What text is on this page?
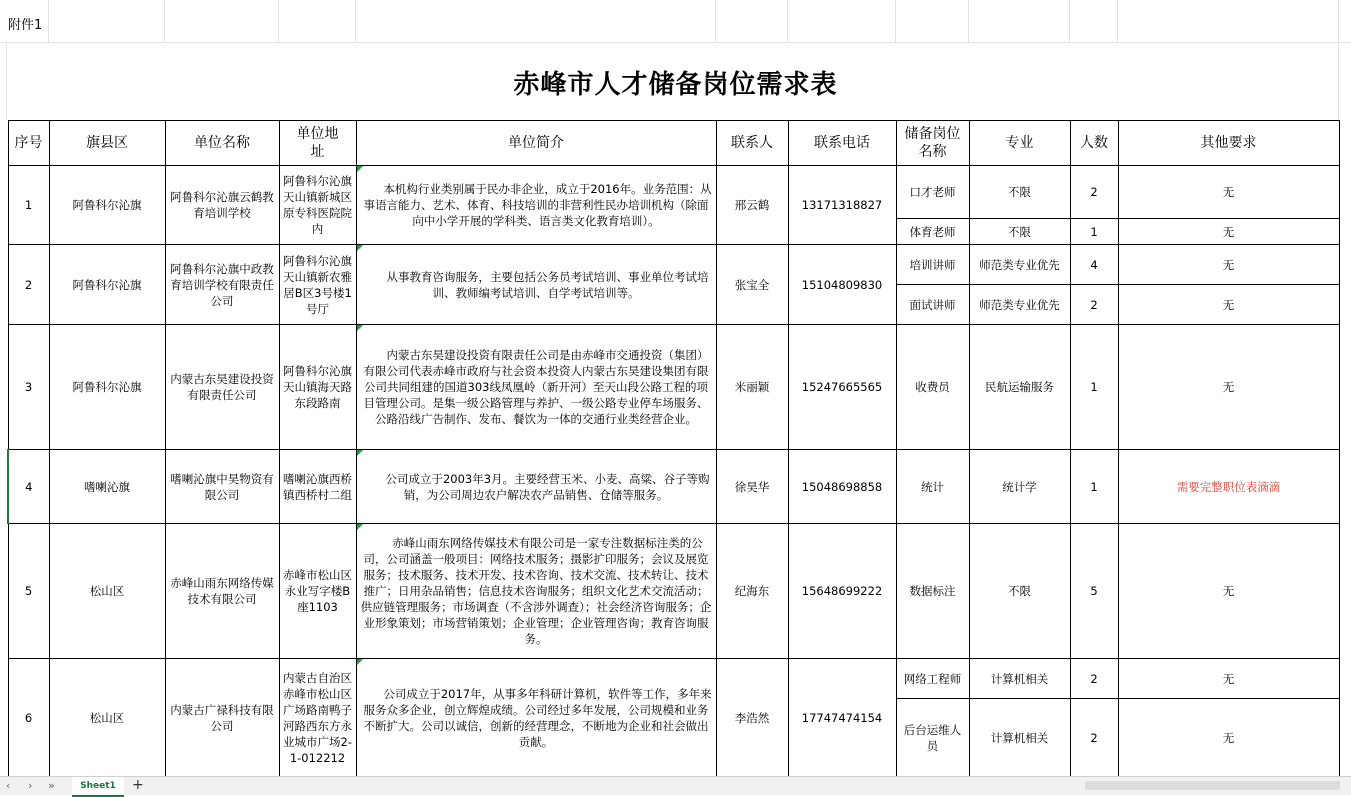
附件1
赤峰市人才储备岗位需求表
序号	旗县区	单位名称	单位地址	单位简介	联系人	联系电话	储备岗位名称	专业	人数	其他要求
1	阿鲁科尔沁旗	阿鲁科尔沁旗云鹤教育培训学校	阿鲁科尔沁旗天山镇新城区原专科医院院内	本机构行业类别属于民办非企业，成立于2016年。业务范围：从事语言能力、艺术、体育、科技培训的非营利性民办培训机构（除面向中小学开展的学科类、语言类文化教育培训）。	邢云鹤	13171318827	口才老师	不限	2	无
							体育老师	不限	1	无
2	阿鲁科尔沁旗	阿鲁科尔沁旗中政教育培训学校有限责任公司	阿鲁科尔沁旗天山镇新农雅居B区3号楼1号厅	从事教育咨询服务，主要包括公务员考试培训、事业单位考试培训、教师编考试培训、自学考试培训等。	张宝全	15104809830	培训讲师	师范类专业优先	4	无
							面试讲师	师范类专业优先	2	无
3	阿鲁科尔沁旗	内蒙古东昊建设投资有限责任公司	阿鲁科尔沁旗天山镇海天路东段路南	内蒙古东昊建设投资有限责任公司是由赤峰市交通投资（集团）有限公司代表赤峰市政府与社会资本投资人内蒙古东昊建设集团有限公司共同组建的国道303线凤凰岭（新开河）至天山段公路工程的项目管理公司。是集一级公路管理与养护、一级公路专业停车场服务、公路沿线广告制作、发布、餐饮为一体的交通行业类经营企业。	米丽颖	15247665565	收费员	民航运输服务	1	无
4	嗜喇沁旗	嗜喇沁旗中昊物资有限公司	嗜喇沁旗西桥镇西桥村二组	公司成立于2003年3月。主要经营玉米、小麦、高粱、谷子等购销，为公司周边农户解决农产品销售、仓储等服务。	徐昊华	15048698858	统计	统计学	1	需要完整职位表滴滴
5	松山区	赤峰山雨东网络传媒技术有限公司	赤峰市松山区永业写字楼B座1103	赤峰山雨东网络传媒技术有限公司是一家专注数据标注类的公司，公司涵盖一般项目：网络技术服务；摄影扩印服务；会议及展览服务；技术服务、技术开发、技术咨询、技术交流、技术转让、技术推广；日用杂品销售；信息技术咨询服务；组织文化艺术交流活动；供应链管理服务；市场调查（不含涉外调查）；社会经济咨询服务；企业形象策划；市场营销策划；企业管理；企业管理咨询；教育咨询服务。	纪海东	15648699222	数据标注	不限	5	无
6	松山区	内蒙古广禄科技有限公司	内蒙古自治区赤峰市松山区广场路南鸭子河路西东方永业城市广场2-1-012212	公司成立于2017年，从事多年科研计算机，软件等工作，多年来服务众多企业，创立辉煌成绩。公司经过多年发展，公司规模和业务不断扩大。公司以诚信，创新的经营理念，不断地为企业和社会做出贡献。	李浩然	17747474154	网络工程师	计算机相关	2	无
							后台运维人员	计算机相关	2	无
‹ › »	Sheet1	+
